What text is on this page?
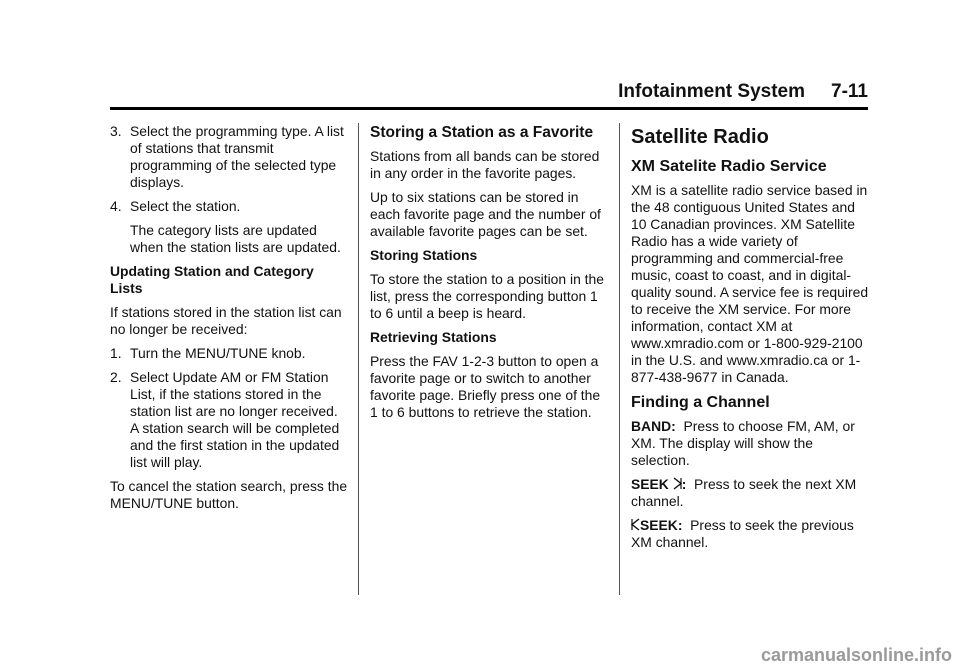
Infotainment System 7-11
3. Select the programming type. A list of stations that transmit programming of the selected type displays.
4. Select the station.

The category lists are updated when the station lists are updated.

Updating Station and Category Lists

If stations stored in the station list can no longer be received:

1. Turn the MENU/TUNE knob.
2. Select Update AM or FM Station List, if the stations stored in the station list are no longer received. A station search will be completed and the first station in the updated list will play.

To cancel the station search, press the MENU/TUNE button.

Storing a Station as a Favorite

Stations from all bands can be stored in any order in the favorite pages.

Up to six stations can be stored in each favorite page and the number of available favorite pages can be set.

Storing Stations

To store the station to a position in the list, press the corresponding button 1 to 6 until a beep is heard.

Retrieving Stations

Press the FAV 1-2-3 button to open a favorite page or to switch to another favorite page. Briefly press one of the 1 to 6 buttons to retrieve the station.

Satellite Radio
XM Satelite Radio Service

XM is a satellite radio service based in the 48 contiguous United States and 10 Canadian provinces. XM Satellite Radio has a wide variety of programming and commercial-free music, coast to coast, and in digital-quality sound. A service fee is required to receive the XM service. For more information, contact XM at www.xmradio.com or 1-800-929-2100 in the U.S. and www.xmradio.ca or 1-877-438-9677 in Canada.

Finding a Channel

BAND: Press to choose FM, AM, or XM. The display will show the selection.

SEEK : Press to seek the next XM channel.

SEEK: Press to seek the previous XM channel.

carmanualsonline.info
